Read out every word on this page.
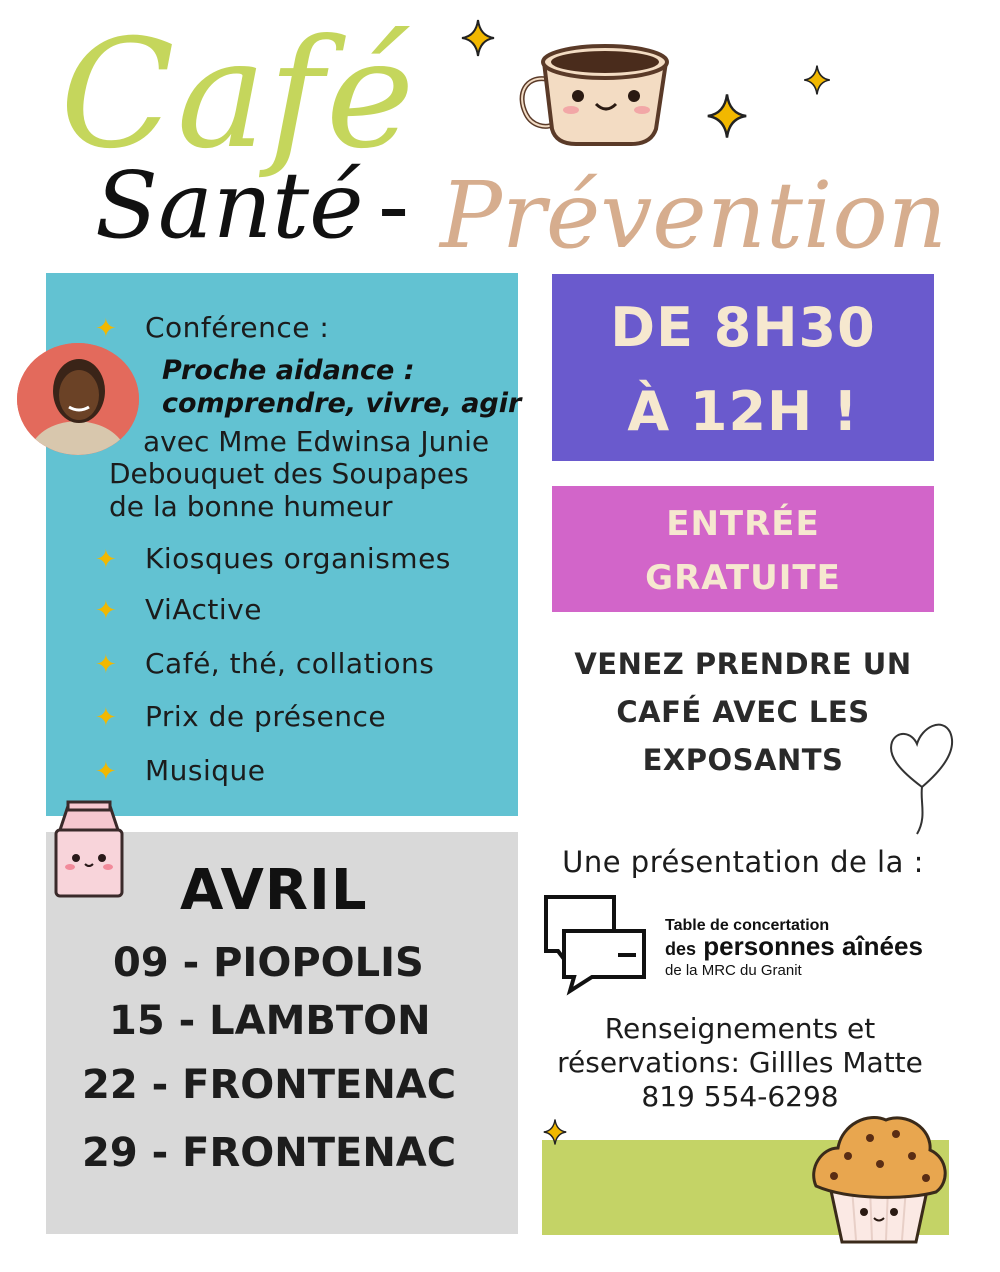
Café
Santé - Prévention
✦ Conférence :
Proche aidance :
comprendre, vivre, agir
avec Mme Edwinsa Junie
Debouquet des Soupapes
de la bonne humeur
✦ Kiosques organismes
✦ ViActive
✦ Café, thé, collations
✦ Prix de présence
✦ Musique
AVRIL
09 - PIOPOLIS
15 - LAMBTON
22 - FRONTENAC
29 - FRONTENAC
DE 8H30
À 12H !
ENTRÉE
GRATUITE
VENEZ PRENDRE UN
CAFÉ AVEC LES
EXPOSANTS
Une présentation de la :
Table de concertation
des personnes aînées
de la MRC du Granit
Renseignements et
réservations: Gillles Matte
819 554-6298
